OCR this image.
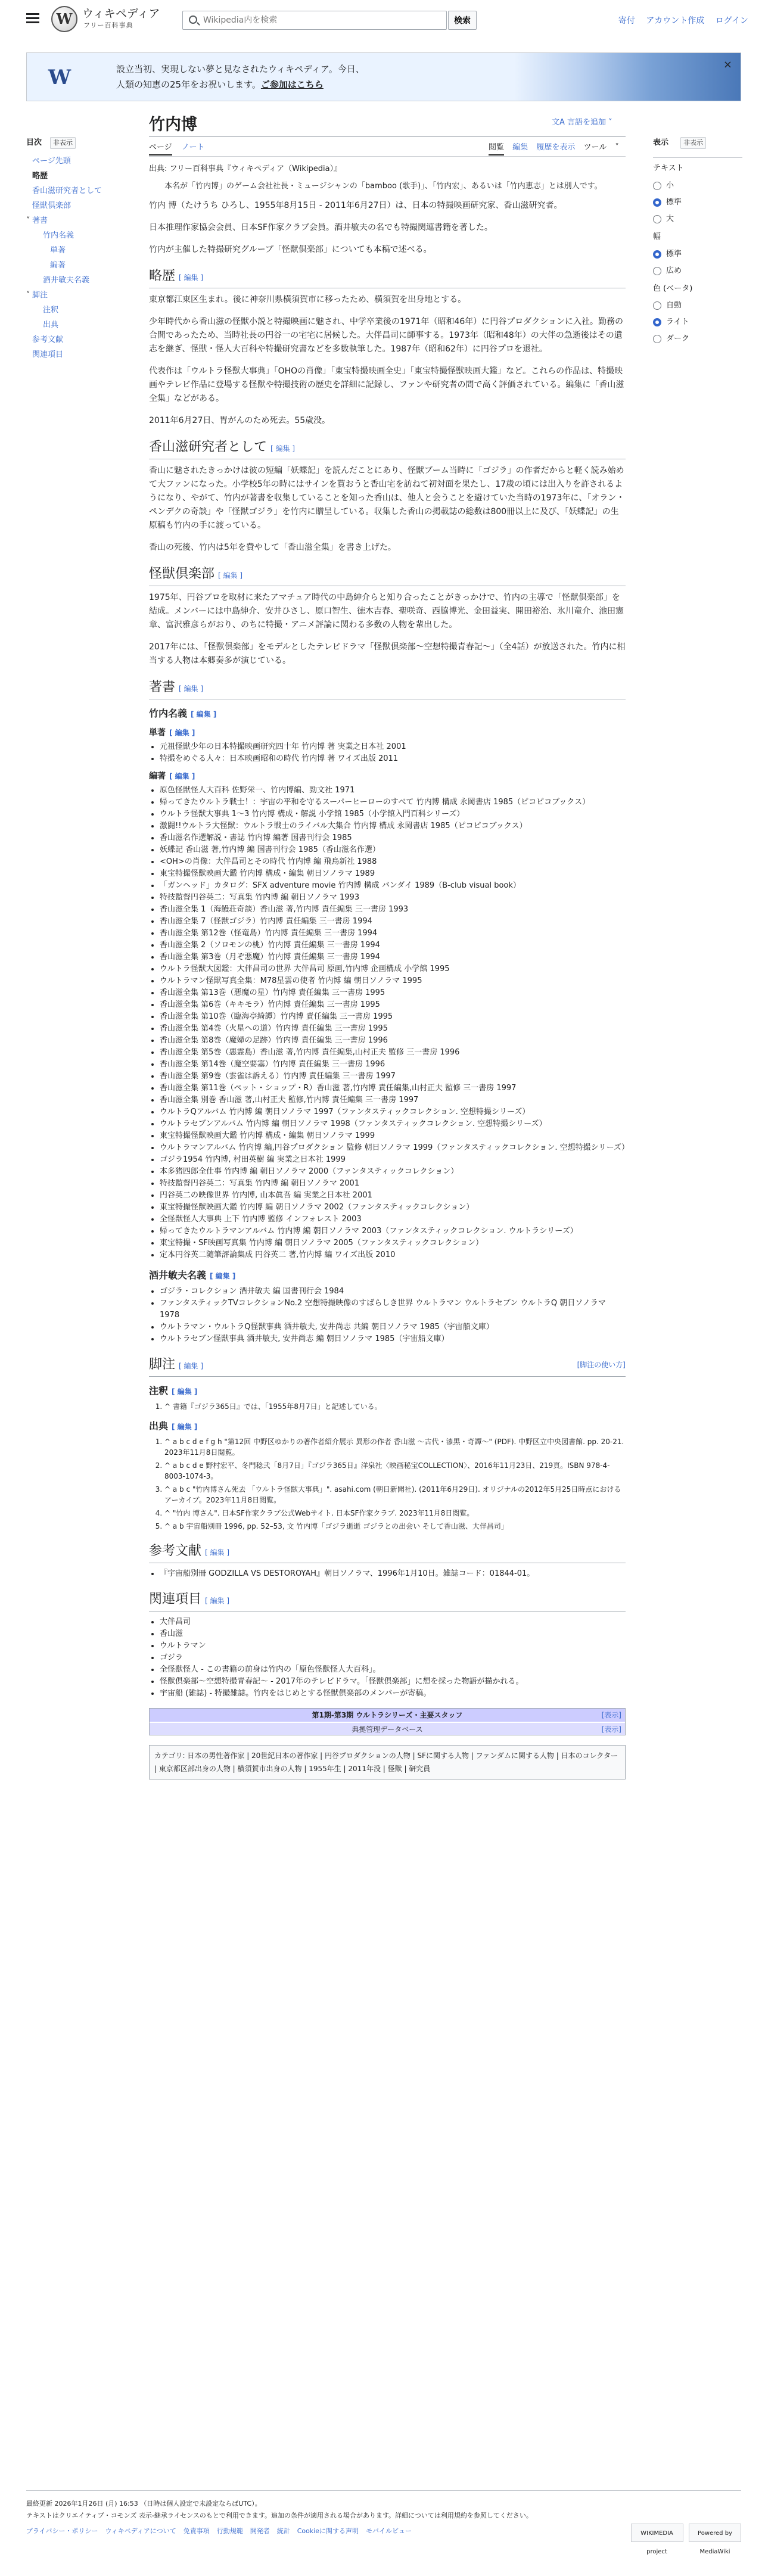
W ウィキペディア
フリー百科事典
Wikipedia内を検索	検索	寄付 アカウント作成 ログイン
W	設立当初、実現しない夢と見なされたウィキペディア。今日、
人類の知恵の25年をお祝いします。ご参加はこちら
×
目次	非表示
ページ先頭
略歴
香山滋研究者として
怪獣倶楽部
˅ 著書
竹内名義
単著
編著
酒井敏夫名義
˅ 脚注
注釈
出典
参考文献
関連項目
竹内博	文A 言語を追加 ˅
ページ ノート	閲覧 編集 履歴を表示 ツール ˅
出典: フリー百科事典『ウィキペディア（Wikipedia）』

本名が「竹内博」のゲーム会社社長・ミュージシャンの「bamboo (歌手)」、「竹内宏」、あるいは「竹内恵志」とは別人です。

竹内 博（たけうち ひろし、1955年8月15日 - 2011年6月27日）は、日本の特撮映画研究家、香山滋研究者。

日本推理作家協会会員、日本SF作家クラブ会員。酒井敏夫の名でも特撮関連書籍を著した。

竹内が主催した特撮研究グループ「怪獣倶楽部」についても本稿で述べる。

略歴 [ 編集 ]

東京都江東区生まれ。後に神奈川県横須賀市に移ったため、横須賀を出身地とする。

少年時代から香山滋の怪獣小説と特撮映画に魅され、中学卒業後の1971年（昭和46年）に円谷プロダクションに入社。勤務の合間であったため、当時社長の円谷一の宅宅に居候した。大伴昌司に師事する。1973年（昭和48年）の大伴の急逝後はその遺志を継ぎ、怪獣・怪人大百科や特撮研究書などを多数執筆した。1987年（昭和62年）に円谷プロを退社。

代表作は「ウルトラ怪獣大事典」「OHOの肖像」「東宝特撮映画全史」「東宝特撮怪獣映画大鑑」など。これらの作品は、特撮映画やテレビ作品に登場する怪獣や特撮技術の歴史を詳細に記録し、ファンや研究者の間で高く評価されている。編集に「香山滋全集」などがある。

2011年6月27日、胃がんのため死去。55歳没。

香山滋研究者として [ 編集 ]

香山に魅されたきっかけは彼の短編「妖蝶記」を読んだことにあり、怪獣ブーム当時に「ゴジラ」の作者だからと軽く読み始めて大ファンになった。小学校5年の時にはサインを貰おうと香山宅を訪ねて初対面を果たし、17歳の頃には出入りを許されるようになり、やがて、竹内が著書を収集していることを知った香山は、他人と会うことを避けていた当時の1973年に、「オラン・ペンデクの奇談」や「怪獣ゴジラ」を竹内に贈呈している。収集した香山の掲載誌の総数は800冊以上に及び、「妖蝶記」の生原稿も竹内の手に渡っている。

香山の死後、竹内は5年を費やして「香山滋全集」を書き上げた。

怪獣倶楽部 [ 編集 ]

1975年、円谷プロを取材に来たアマチュア時代の中島紳介らと知り合ったことがきっかけで、竹内の主導で「怪獣倶楽部」を結成。メンバーには中島紳介、安井ひさし、原口智生、徳木吉春、聖咲奇、西脇博光、金田益実、開田裕治、氷川竜介、池田憲章、富沢雅彦らがおり、のちに特撮・アニメ評論に関わる多数の人物を輩出した。

2017年には、「怪獣倶楽部」をモデルとしたテレビドラマ「怪獣倶楽部〜空想特撮青春記〜」（全4話）が放送された。竹内に相当する人物は本郷奏多が演じている。

著書 [ 編集 ]
竹内名義 [ 編集 ]
単著 [ 編集 ]
• 元祖怪獣少年の日本特撮映画研究四十年 竹内博 著 実業之日本社 2001
• 特撮をめぐる人々：日本映画昭和の時代 竹内博 著 ワイズ出版 2011
編著 [ 編集 ]
• 原色怪獣怪人大百科 佐野栄一、竹内博編、勁文社 1971
• 帰ってきたウルトラ戦士！：宇宙の平和を守るスーパーヒーローのすべて 竹内博 構成 永岡書店 1985（ピコピコブックス）
• ウルトラ怪獣大事典 1〜3 竹内博 構成・解説 小学館 1985（小学館入門百科シリーズ）
• 激闘!!ウルトラ大怪獣：ウルトラ戦士のライバル大集合 竹内博 構成 永岡書店 1985（ピコピコブックス）
• 香山滋名作選解説・書誌 竹内博 編著 国書刊行会 1985
• 妖蝶記 香山滋 著,竹内博 編 国書刊行会 1985（香山滋名作選）
• <OH>の肖像：大伴昌司とその時代 竹内博 編 飛鳥新社 1988
• 東宝特撮怪獣映画大鑑 竹内博 構成・編集 朝日ソノラマ 1989
• 「ガンヘッド」カタログ：SFX adventure movie 竹内博 構成 バンダイ 1989（B-club visual book）
• 特技監督円谷英二：写真集 竹内博 編 朝日ソノラマ 1993
• 香山滋全集 1（海鰻荘奇談）香山滋 著,竹内博 責任編集 三一書房 1993
• 香山滋全集 7（怪獣ゴジラ）竹内博 責任編集 三一書房 1994
• 香山滋全集 第12巻（怪竜島）竹内博 責任編集 三一書房 1994
• 香山滋全集 2（ソロモンの桃）竹内博 責任編集 三一書房 1994
• 香山滋全集 第3巻（月ぞ悪魔）竹内博 責任編集 三一書房 1994
• ウルトラ怪獣大図鑑：大伴昌司の世界 大伴昌司 原画,竹内博 企画構成 小学館 1995
• ウルトラマン怪獣写真全集：M78星雲の使者 竹内博 編 朝日ソノラマ 1995
• 香山滋全集 第13巻（悪魔の星）竹内博 責任編集 三一書房 1995
• 香山滋全集 第6巻（キキモラ）竹内博 責任編集 三一書房 1995
• 香山滋全集 第10巻（臨海亭綺譚）竹内博 責任編集 三一書房 1995
• 香山滋全集 第4巻（火星への道）竹内博 責任編集 三一書房 1995
• 香山滋全集 第8巻（魔婦の足跡）竹内博 責任編集 三一書房 1996
• 香山滋全集 第5巻（悪霊島）香山滋 著,竹内博 責任編集,山村正夫 監修 三一書房 1996
• 香山滋全集 第14巻（魔空要塞）竹内博 責任編集 三一書房 1996
• 香山滋全集 第9巻（雲雀は訴える）竹内博 責任編集 三一書房 1997
• 香山滋全集 第11巻（ペット・ショップ・R）香山滋 著,竹内博 責任編集,山村正夫 監修 三一書房 1997
• 香山滋全集 別巻 香山滋 著,山村正夫 監修,竹内博 責任編集 三一書房 1997
• ウルトラQアルバム 竹内博 編 朝日ソノラマ 1997（ファンタスティックコレクション. 空想特撮シリーズ）
• ウルトラセブンアルバム 竹内博 編 朝日ソノラマ 1998（ファンタスティックコレクション. 空想特撮シリーズ）
• 東宝特撮怪獣映画大鑑 竹内博 構成・編集 朝日ソノラマ 1999
• ウルトラマンアルバム 竹内博 編,円谷プロダクション 監修 朝日ソノラマ 1999（ファンタスティックコレクション. 空想特撮シリーズ）
• ゴジラ1954 竹内博, 村田英樹 編 実業之日本社 1999
• 本多猪四郎全仕事 竹内博 編 朝日ソノラマ 2000（ファンタスティックコレクション）
• 特技監督円谷英二：写真集 竹内博 編 朝日ソノラマ 2001
• 円谷英二の映像世界 竹内博, 山本眞吾 編 実業之日本社 2001
• 東宝特撮怪獣映画大鑑 竹内博 編 朝日ソノラマ 2002（ファンタスティックコレクション）
• 全怪獣怪人大事典 上下 竹内博 監修 インフォレスト 2003
• 帰ってきたウルトラマンアルバム 竹内博 編 朝日ソノラマ 2003（ファンタスティックコレクション. ウルトラシリーズ）
• 東宝特撮・SF映画写真集 竹内博 編 朝日ソノラマ 2005（ファンタスティックコレクション）
• 定本円谷英二随筆評論集成 円谷英二 著,竹内博 編 ワイズ出版 2010
酒井敏夫名義 [ 編集 ]
• ゴジラ・コレクション 酒井敏夫 編 国書刊行会 1984
• ファンタスティックTVコレクションNo.2 空想特撮映像のすばらしき世界 ウルトラマン ウルトラセブン ウルトラQ 朝日ソノラマ 1978
• ウルトラマン・ウルトラQ怪獣事典 酒井敏夫, 安井尚志 共編 朝日ソノラマ 1985（宇宙船文庫）
• ウルトラセブン怪獣事典 酒井敏夫, 安井尚志 編 朝日ソノラマ 1985（宇宙船文庫）
脚注 [ 編集 ]	[脚注の使い方]
注釈 [ 編集 ]
1. ^ 書籍『ゴジラ365日』では、「1955年8月7日」と記述している。
出典 [ 編集 ]
1. ^ a b c d e f g h "第12回 中野区ゆかりの著作者紹介展示 異形の作者 香山滋 〜古代・漆黒・奇譚〜" (PDF). 中野区立中央図書館. pp. 20-21. 2023年11月8日閲覧。
2. ^ a b c d e 野村宏平、冬門稔弐「8月7日」『ゴジラ365日』洋泉社〈映画秘宝COLLECTION〉、2016年11月23日、219頁。ISBN 978-4-8003-1074-3。
3. ^ a b c "竹内博さん死去 「ウルトラ怪獣大事典」". asahi.com (朝日新聞社). (2011年6月29日). オリジナルの2012年5月25日時点におけるアーカイブ。2023年11月8日閲覧。
4. ^ "竹内 博さん". 日本SF作家クラブ公式Webサイト. 日本SF作家クラブ. 2023年11月8日閲覧。
5. ^ a b 宇宙船別冊 1996, pp. 52–53, 文 竹内博「ゴジラ逝逝 ゴジラとの出会い そして香山滋、大伴昌司」
参考文献 [ 編集 ]
• 『宇宙船別冊 GODZILLA VS DESTOROYAH』朝日ソノラマ、1996年1月10日。雑誌コード：01844-01。
関連項目 [ 編集 ]
• 大伴昌司
• 香山滋
• ウルトラマン
• ゴジラ
• 全怪獣怪人 - この書籍の前身は竹内の「原色怪獣怪人大百科」。
• 怪獣倶楽部〜空想特撮青春記〜 - 2017年のテレビドラマ。「怪獣倶楽部」に想を採った物語が描かれる。
• 宇宙船 (雑誌) - 特撮雑誌。竹内をはじめとする怪獣倶楽部のメンバーが寄稿。
第1期-第3期 ウルトラシリーズ・主要スタッフ	[表示]
典拠管理データベース	[表示]
カテゴリ: 日本の男性著作家 | 20世紀日本の著作家 | 円谷プロダクションの人物 | SFに関する人物 | ファンダムに関する人物 | 日本のコレクター | 東京都区部出身の人物 | 横須賀市出身の人物 | 1955年生 | 2011年没 | 怪獣 | 研究員
表示	非表示
テキスト
小
標準
大
幅
標準
広め
色 (ベータ)
自動
ライト
ダーク
最終更新 2026年1月26日 (月) 16:53 （日時は個人設定で未設定ならばUTC）。
テキストはクリエイティブ・コモンズ 表示-継承ライセンスのもとで利用できます。追加の条件が適用される場合があります。詳細については利用規約を参照してください。
プライバシー・ポリシー ウィキペディアについて 免責事項 行動規範 開発者 統計 Cookieに関する声明 モバイルビュー	WIKIMEDIA project Powered by MediaWiki
